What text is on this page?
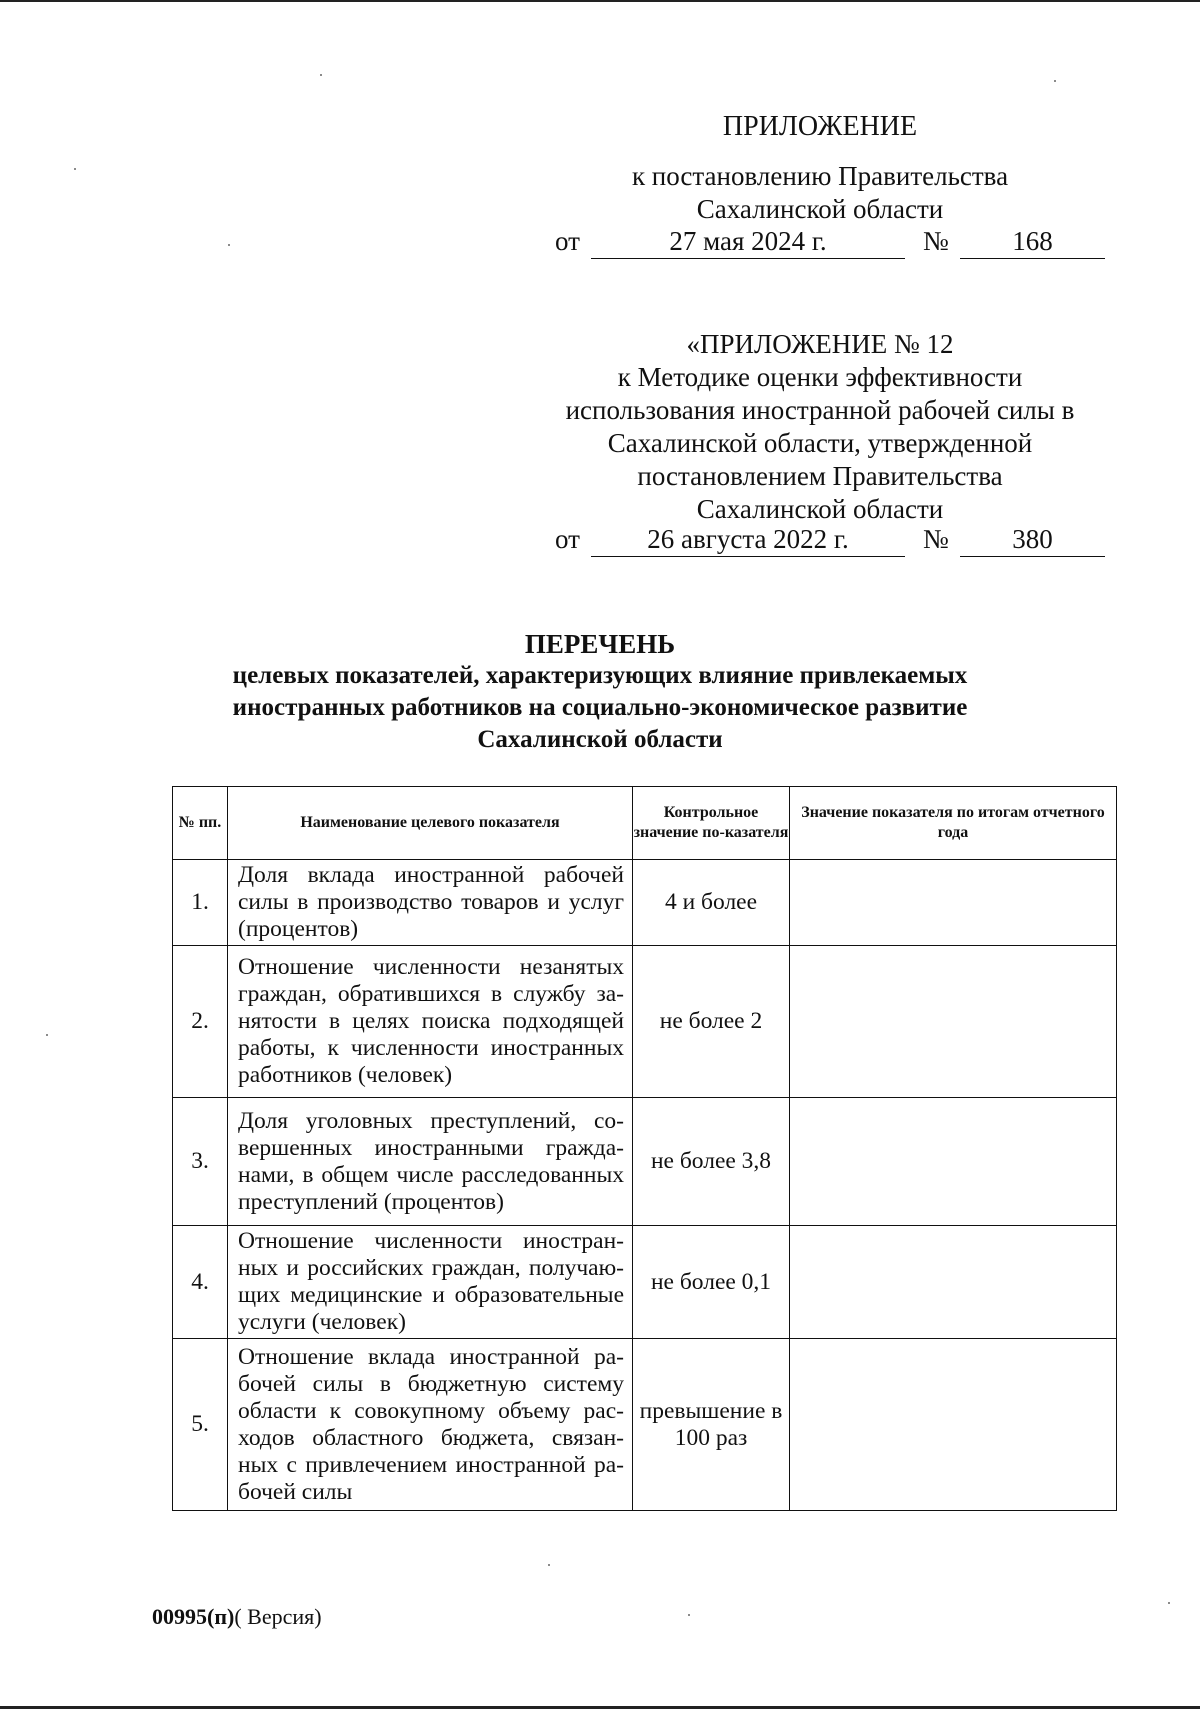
ПРИЛОЖЕНИЕ
к постановлению Правительства
Сахалинской области
от	27 мая 2024 г.	№	168
«ПРИЛОЖЕНИЕ № 12
к Методике оценки эффективности
использования иностранной рабочей силы в
Сахалинской области, утвержденной
постановлением Правительства
Сахалинской области
от	26 августа 2022 г.	№	380
ПЕРЕЧЕНЬ
целевых показателей, характеризующих влияние привлекаемых
иностранных работников на социально-экономическое развитие
Сахалинской области
№ пп.	Наименование целевого показателя	Контрольное значение по-казателя	Значение показателя по итогам отчетного года
1.	Доля вклада иностранной рабочей силы в производство товаров и услуг (процентов)	4 и более	
2.	Отношение численности незанятых граждан, обратившихся в службу за-нятости в целях поиска подходящей работы, к численности иностранных работников (человек)	не более 2	
3.	Доля уголовных преступлений, со-вершенных иностранными гражда-нами, в общем числе расследованных преступлений (процентов)	не более 3,8	
4.	Отношение численности иностран-ных и российских граждан, получаю-щих медицинские и образовательные услуги (человек)	не более 0,1	
5.	Отношение вклада иностранной ра-бочей силы в бюджетную систему области к совокупному объему рас-ходов областного бюджета, связан-ных с привлечением иностранной ра-бочей силы	превышение в 100 раз	
00995(п)( Версия)
